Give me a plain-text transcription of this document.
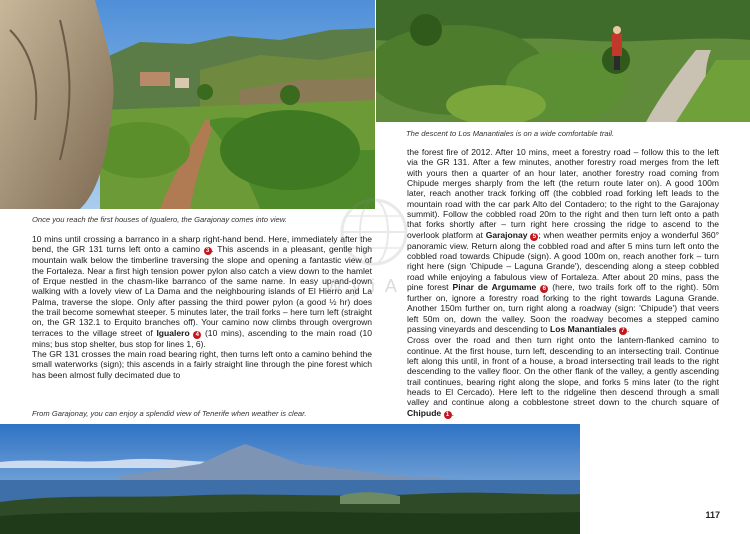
Once you reach the first houses of Igualero, the Garajonay comes into view.
The descent to Los Manantiales is on a wide comfortable trail.
From Garajonay, you can enjoy a splendid view of Tenerife when weather is clear.

10 mins until crossing a barranco in a sharp right-hand bend. Here, immediately after the bend, the GR 131 turns left onto a camino 3 . This ascends in a pleasant, gentle high mountain walk below the timberline traversing the slope and opening a fantastic view of the Fortaleza. Near a first high tension power pylon also catch a view down to the hamlet of Erque nestled in the chasm-like barranco of the same name. In easy up-and-down walking with a lovely view of La Dama and the neighbouring islands of El Hierro and La Palma, traverse the slope. Only after passing the third power pylon (a good ½ hr) does the trail become somewhat steeper. 5 minutes later, the trail forks – here turn left (straight on, the GR 132.1 to Erquito branches off). Your camino now climbs through overgrown terraces to the village street of Igualero 4 (10 mins), ascending to the main road (10 mins; bus stop shelter, bus stop for lines 1, 6).

The GR 131 crosses the main road bearing right, then turns left onto a camino behind the small waterworks (sign); this ascends in a fairly straight line through the pine forest which has been almost fully decimated due to

the forest fire of 2012. After 10 mins, meet a forestry road – follow this to the left via the GR 131. After a few minutes, another forestry road merges from the left with yours then a quarter of an hour later, another forestry road coming from Chipude merges sharply from the left (the return route later on). A good 100m later, reach another track forking off (the cobbled road forking left leads to the mountain road with the car park Alto del Contadero; to the right to the Garajonay summit). Follow the cobbled road 20m to the right and then turn left onto a path that forks shortly after – turn right here crossing the ridge to ascend to the overlook platform at Garajonay 5 ; when weather permits enjoy a wonderful 360° panoramic view. Return along the cobbled road and after 5 mins turn left onto the cobbled road towards Chipude (sign). A good 100m on, reach another fork – turn right here (sign 'Chipude – Laguna Grande'), descending along a steep cobbled road while enjoying a fabulous view of Fortaleza. After about 20 mins, pass the pine forest Pinar de Argumame 6 (here, two trails fork off to the right). 50m further on, ignore a forestry road forking to the right towards Laguna Grande. Another 150m further on, turn right along a roadway (sign: 'Chipude') that veers left 50m on, down the valley. Soon the roadway becomes a stepped camino passing vineyards and descending to Los Manantiales 7 .

Cross over the road and then turn right onto the lantern-flanked camino to continue. At the first house, turn left, descending to an intersecting trail. Continue left along this until, in front of a house, a broad intersecting trail leads to the right descending to the valley floor. On the other flank of the valley, a gently ascending trail continues, bearing right along the slope, and forks 5 mins later (to the right heads to El Cercado). Here left to the ridgeline then descend through a small valley and continue along a cobblestone street down to the church square of Chipude 1 .

WyiA
117
